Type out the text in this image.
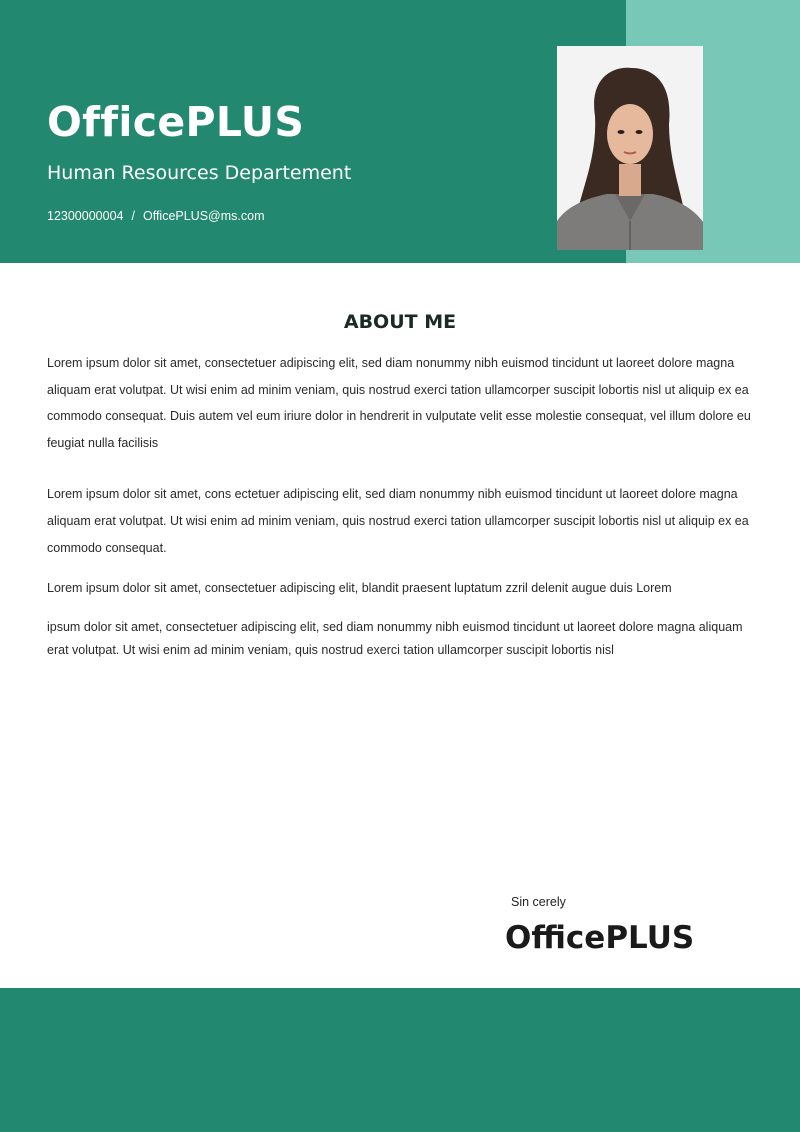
OfficePLUS
Human Resources Departement
12300000004 / OfficePLUS@ms.com
ABOUT ME

Lorem ipsum dolor sit amet, consectetuer adipiscing elit, sed diam nonummy nibh euismod tincidunt ut laoreet dolore magna aliquam erat volutpat. Ut wisi enim ad minim veniam, quis nostrud exerci tation ullamcorper suscipit lobortis nisl ut aliquip ex ea commodo consequat. Duis autem vel eum iriure dolor in hendrerit in vulputate velit esse molestie consequat, vel illum dolore eu feugiat nulla facilisis

Lorem ipsum dolor sit amet, cons ectetuer adipiscing elit, sed diam nonummy nibh euismod tincidunt ut laoreet dolore magna aliquam erat volutpat. Ut wisi enim ad minim veniam, quis nostrud exerci tation ullamcorper suscipit lobortis nisl ut aliquip ex ea commodo consequat.

Lorem ipsum dolor sit amet, consectetuer adipiscing elit, blandit praesent luptatum zzril delenit augue duis Lorem

ipsum dolor sit amet, consectetuer adipiscing elit, sed diam nonummy nibh euismod tincidunt ut laoreet dolore magna aliquam erat volutpat. Ut wisi enim ad minim veniam, quis nostrud exerci tation ullamcorper suscipit lobortis nisl

Sin cerely
OfficePLUS
